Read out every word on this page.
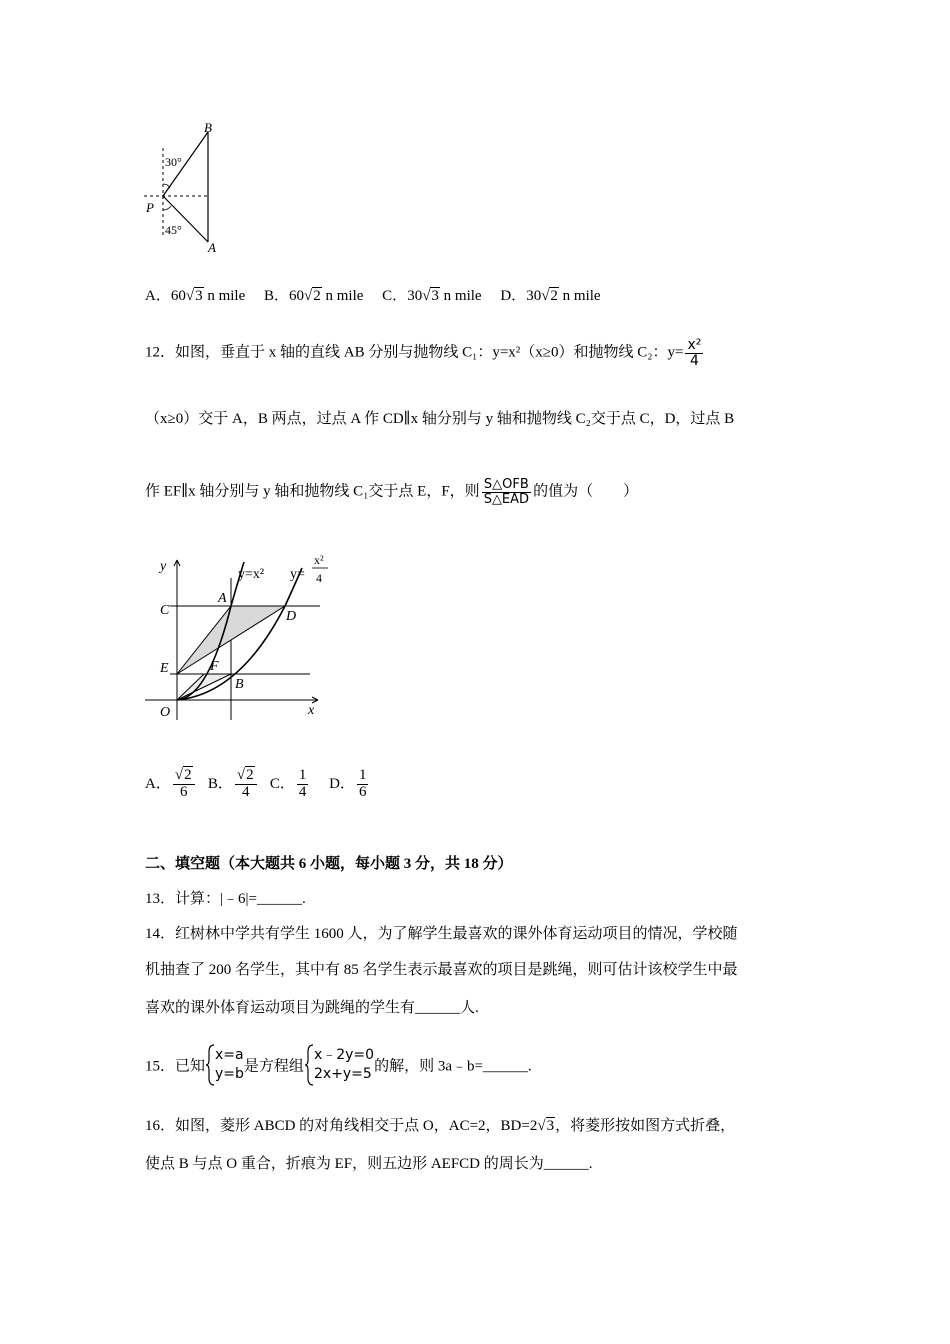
B
P
A
30°
45°
A．60√3 n mile B．60√2 n mile C．30√3 n mile D．30√2 n mile
12．如图，垂直于 x 轴的直线 AB 分别与抛物线 C₁：y=x²（x≥0）和抛物线 C₂：$y= \frac{\text{x²}}{4}$
（x≥0）交于 A，B 两点，过点 A 作 CD∥x 轴分别与 y 轴和抛物线 C₂交于点 C，D，过点 B
作 EF∥x 轴分别与 y 轴和抛物线 C₁交于点 E，F，则 $\frac{\text{S△OFB}}{\text{S△EAD}}$ 的值为（　　）
y
x
O
C
A
D
E	F
B
y=x² y=
x²
4
A． $\frac{√2}{6}$ B． $\frac{√2}{4}$ C． $\frac{1}{4}$ D． $\frac{1}{6}$
二、填空题（本大题共 6 小题，每小题 3 分，共 18 分）
13．计算：|﹣6|=______.
14．红树林中学共有学生 1600 人，为了解学生最喜欢的课外体育运动项目的情况，学校随
机抽查了 200 名学生，其中有 85 名学生表示最喜欢的项目是跳绳，则可估计该校学生中最
喜欢的课外体育运动项目为跳绳的学生有______人.
15．已知
x=a
y=b 是方程组
x﹣2y=0
2x+y=5 的解，则 3a﹣b=______.
16．如图，菱形 ABCD 的对角线相交于点 O，AC=2，BD=2√3，将菱形按如图方式折叠，
使点 B 与点 O 重合，折痕为 EF，则五边形 AEFCD 的周长为______.
